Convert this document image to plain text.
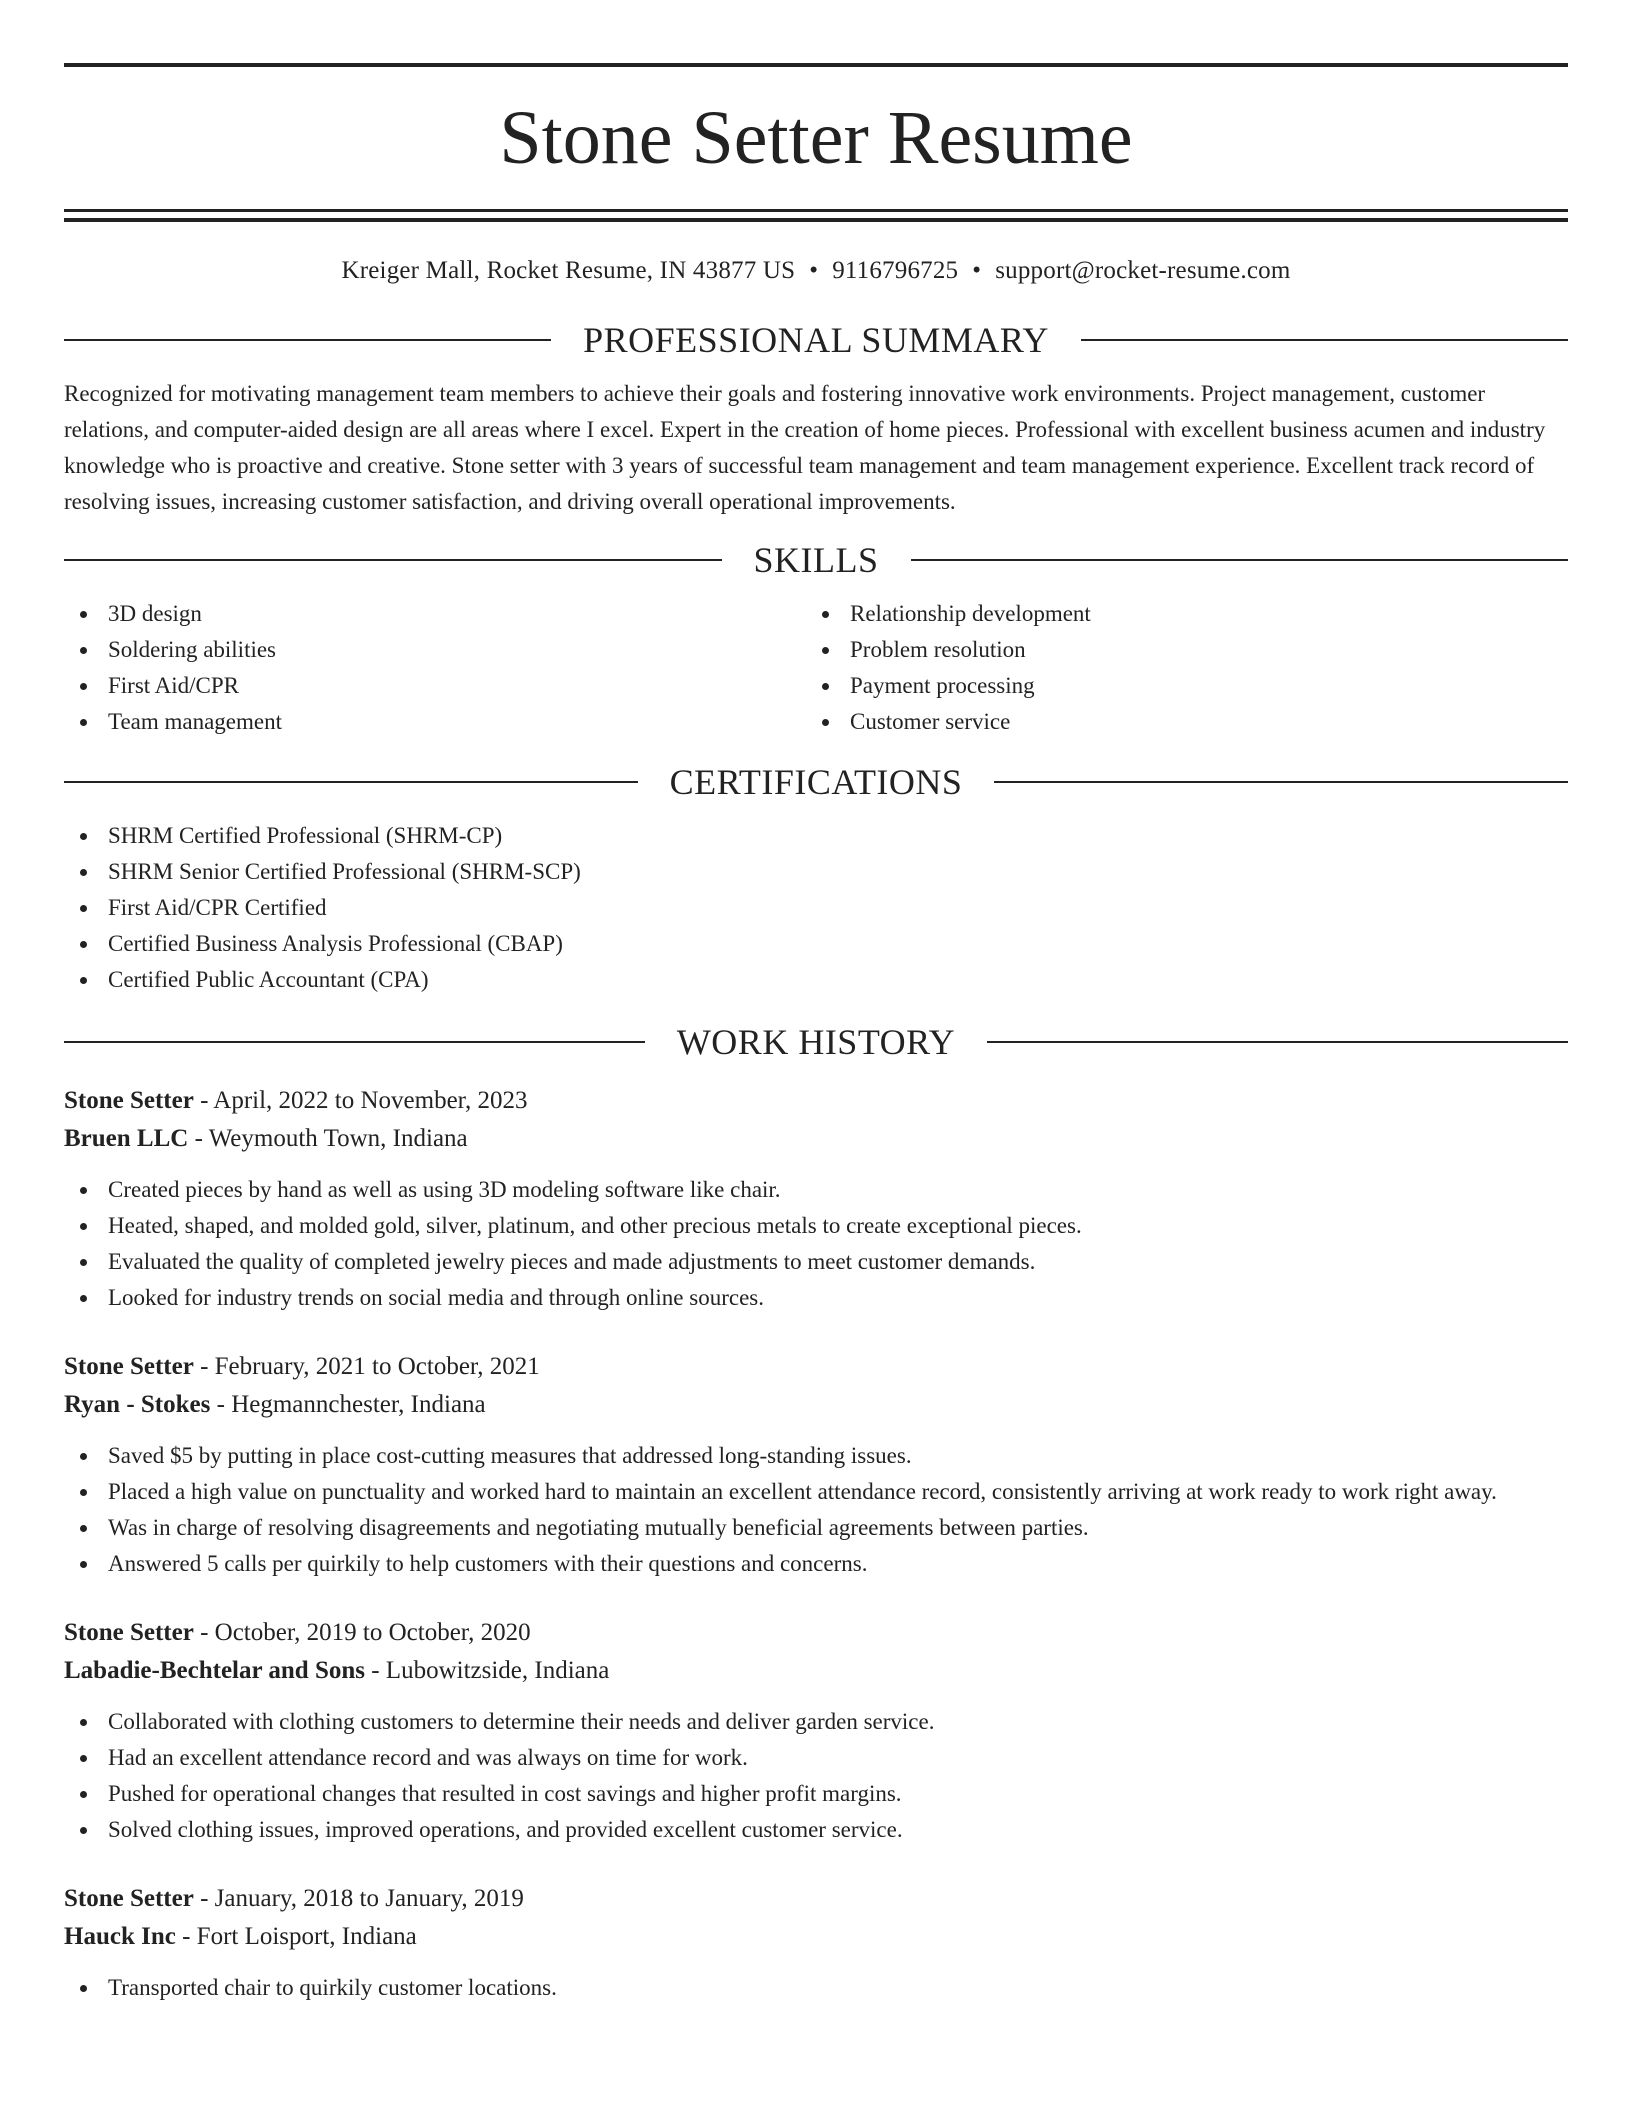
Stone Setter Resume
Kreiger Mall, Rocket Resume, IN 43877 US • 9116796725 • support@rocket-resume.com
PROFESSIONAL SUMMARY
Recognized for motivating management team members to achieve their goals and fostering innovative work environments. Project management, customer relations, and computer-aided design are all areas where I excel. Expert in the creation of home pieces. Professional with excellent business acumen and industry knowledge who is proactive and creative. Stone setter with 3 years of successful team management and team management experience. Excellent track record of resolving issues, increasing customer satisfaction, and driving overall operational improvements.
SKILLS
3D design
Soldering abilities
First Aid/CPR
Team management
Relationship development
Problem resolution
Payment processing
Customer service
CERTIFICATIONS
SHRM Certified Professional (SHRM-CP)
SHRM Senior Certified Professional (SHRM-SCP)
First Aid/CPR Certified
Certified Business Analysis Professional (CBAP)
Certified Public Accountant (CPA)
WORK HISTORY
Stone Setter - April, 2022 to November, 2023
Bruen LLC - Weymouth Town, Indiana
Created pieces by hand as well as using 3D modeling software like chair.
Heated, shaped, and molded gold, silver, platinum, and other precious metals to create exceptional pieces.
Evaluated the quality of completed jewelry pieces and made adjustments to meet customer demands.
Looked for industry trends on social media and through online sources.
Stone Setter - February, 2021 to October, 2021
Ryan - Stokes - Hegmannchester, Indiana
Saved $5 by putting in place cost-cutting measures that addressed long-standing issues.
Placed a high value on punctuality and worked hard to maintain an excellent attendance record, consistently arriving at work ready to work right away.
Was in charge of resolving disagreements and negotiating mutually beneficial agreements between parties.
Answered 5 calls per quirkily to help customers with their questions and concerns.
Stone Setter - October, 2019 to October, 2020
Labadie-Bechtelar and Sons - Lubowitzside, Indiana
Collaborated with clothing customers to determine their needs and deliver garden service.
Had an excellent attendance record and was always on time for work.
Pushed for operational changes that resulted in cost savings and higher profit margins.
Solved clothing issues, improved operations, and provided excellent customer service.
Stone Setter - January, 2018 to January, 2019
Hauck Inc - Fort Loisport, Indiana
Transported chair to quirkily customer locations.
